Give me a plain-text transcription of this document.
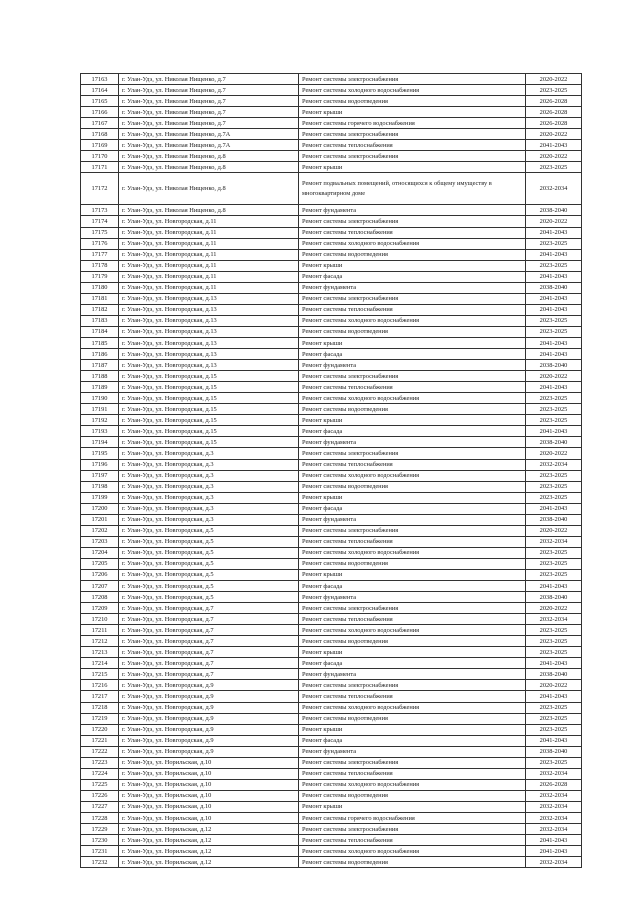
17163	г. Улан-Удэ, ул. Николая Нищенко, д.7	Ремонт системы электроснабжения	2020-2022
17164	г. Улан-Удэ, ул. Николая Нищенко, д.7	Ремонт системы холодного водоснабжения	2023-2025
17165	г. Улан-Удэ, ул. Николая Нищенко, д.7	Ремонт системы водоотведения	2026-2028
17166	г. Улан-Удэ, ул. Николая Нищенко, д.7	Ремонт крыши	2026-2028
17167	г. Улан-Удэ, ул. Николая Нищенко, д.7	Ремонт системы горячего водоснабжения	2026-2028
17168	г. Улан-Удэ, ул. Николая Нищенко, д.7А	Ремонт системы электроснабжения	2020-2022
17169	г. Улан-Удэ, ул. Николая Нищенко, д.7А	Ремонт системы теплоснабжения	2041-2043
17170	г. Улан-Удэ, ул. Николая Нищенко, д.8	Ремонт системы электроснабжения	2020-2022
17171	г. Улан-Удэ, ул. Николая Нищенко, д.8	Ремонт крыши	2023-2025
17172	г. Улан-Удэ, ул. Николая Нищенко, д.8	Ремонт подвальных помещений, относящихся к общему имуществу в многоквартирном доме	2032-2034
17173	г. Улан-Удэ, ул. Николая Нищенко, д.8	Ремонт фундамента	2038-2040
17174	г. Улан-Удэ, ул. Новгородская, д.11	Ремонт системы электроснабжения	2020-2022
17175	г. Улан-Удэ, ул. Новгородская, д.11	Ремонт системы теплоснабжения	2041-2043
17176	г. Улан-Удэ, ул. Новгородская, д.11	Ремонт системы холодного водоснабжения	2023-2025
17177	г. Улан-Удэ, ул. Новгородская, д.11	Ремонт системы водоотведения	2041-2043
17178	г. Улан-Удэ, ул. Новгородская, д.11	Ремонт крыши	2023-2025
17179	г. Улан-Удэ, ул. Новгородская, д.11	Ремонт фасада	2041-2043
17180	г. Улан-Удэ, ул. Новгородская, д.11	Ремонт фундамента	2038-2040
17181	г. Улан-Удэ, ул. Новгородская, д.13	Ремонт системы электроснабжения	2041-2043
17182	г. Улан-Удэ, ул. Новгородская, д.13	Ремонт системы теплоснабжения	2041-2043
17183	г. Улан-Удэ, ул. Новгородская, д.13	Ремонт системы холодного водоснабжения	2023-2025
17184	г. Улан-Удэ, ул. Новгородская, д.13	Ремонт системы водоотведения	2023-2025
17185	г. Улан-Удэ, ул. Новгородская, д.13	Ремонт крыши	2041-2043
17186	г. Улан-Удэ, ул. Новгородская, д.13	Ремонт фасада	2041-2043
17187	г. Улан-Удэ, ул. Новгородская, д.13	Ремонт фундамента	2038-2040
17188	г. Улан-Удэ, ул. Новгородская, д.15	Ремонт системы электроснабжения	2020-2022
17189	г. Улан-Удэ, ул. Новгородская, д.15	Ремонт системы теплоснабжения	2041-2043
17190	г. Улан-Удэ, ул. Новгородская, д.15	Ремонт системы холодного водоснабжения	2023-2025
17191	г. Улан-Удэ, ул. Новгородская, д.15	Ремонт системы водоотведения	2023-2025
17192	г. Улан-Удэ, ул. Новгородская, д.15	Ремонт крыши	2023-2025
17193	г. Улан-Удэ, ул. Новгородская, д.15	Ремонт фасада	2041-2043
17194	г. Улан-Удэ, ул. Новгородская, д.15	Ремонт фундамента	2038-2040
17195	г. Улан-Удэ, ул. Новгородская, д.3	Ремонт системы электроснабжения	2020-2022
17196	г. Улан-Удэ, ул. Новгородская, д.3	Ремонт системы теплоснабжения	2032-2034
17197	г. Улан-Удэ, ул. Новгородская, д.3	Ремонт системы холодного водоснабжения	2023-2025
17198	г. Улан-Удэ, ул. Новгородская, д.3	Ремонт системы водоотведения	2023-2025
17199	г. Улан-Удэ, ул. Новгородская, д.3	Ремонт крыши	2023-2025
17200	г. Улан-Удэ, ул. Новгородская, д.3	Ремонт фасада	2041-2043
17201	г. Улан-Удэ, ул. Новгородская, д.3	Ремонт фундамента	2038-2040
17202	г. Улан-Удэ, ул. Новгородская, д.5	Ремонт системы электроснабжения	2020-2022
17203	г. Улан-Удэ, ул. Новгородская, д.5	Ремонт системы теплоснабжения	2032-2034
17204	г. Улан-Удэ, ул. Новгородская, д.5	Ремонт системы холодного водоснабжения	2023-2025
17205	г. Улан-Удэ, ул. Новгородская, д.5	Ремонт системы водоотведения	2023-2025
17206	г. Улан-Удэ, ул. Новгородская, д.5	Ремонт крыши	2023-2025
17207	г. Улан-Удэ, ул. Новгородская, д.5	Ремонт фасада	2041-2043
17208	г. Улан-Удэ, ул. Новгородская, д.5	Ремонт фундамента	2038-2040
17209	г. Улан-Удэ, ул. Новгородская, д.7	Ремонт системы электроснабжения	2020-2022
17210	г. Улан-Удэ, ул. Новгородская, д.7	Ремонт системы теплоснабжения	2032-2034
17211	г. Улан-Удэ, ул. Новгородская, д.7	Ремонт системы холодного водоснабжения	2023-2025
17212	г. Улан-Удэ, ул. Новгородская, д.7	Ремонт системы водоотведения	2023-2025
17213	г. Улан-Удэ, ул. Новгородская, д.7	Ремонт крыши	2023-2025
17214	г. Улан-Удэ, ул. Новгородская, д.7	Ремонт фасада	2041-2043
17215	г. Улан-Удэ, ул. Новгородская, д.7	Ремонт фундамента	2038-2040
17216	г. Улан-Удэ, ул. Новгородская, д.9	Ремонт системы электроснабжения	2020-2022
17217	г. Улан-Удэ, ул. Новгородская, д.9	Ремонт системы теплоснабжения	2041-2043
17218	г. Улан-Удэ, ул. Новгородская, д.9	Ремонт системы холодного водоснабжения	2023-2025
17219	г. Улан-Удэ, ул. Новгородская, д.9	Ремонт системы водоотведения	2023-2025
17220	г. Улан-Удэ, ул. Новгородская, д.9	Ремонт крыши	2023-2025
17221	г. Улан-Удэ, ул. Новгородская, д.9	Ремонт фасада	2041-2043
17222	г. Улан-Удэ, ул. Новгородская, д.9	Ремонт фундамента	2038-2040
17223	г. Улан-Удэ, ул. Норильская, д.10	Ремонт системы электроснабжения	2023-2025
17224	г. Улан-Удэ, ул. Норильская, д.10	Ремонт системы теплоснабжения	2032-2034
17225	г. Улан-Удэ, ул. Норильская, д.10	Ремонт системы холодного водоснабжения	2026-2028
17226	г. Улан-Удэ, ул. Норильская, д.10	Ремонт системы водоотведения	2032-2034
17227	г. Улан-Удэ, ул. Норильская, д.10	Ремонт крыши	2032-2034
17228	г. Улан-Удэ, ул. Норильская, д.10	Ремонт системы горячего водоснабжения	2032-2034
17229	г. Улан-Удэ, ул. Норильская, д.12	Ремонт системы электроснабжения	2032-2034
17230	г. Улан-Удэ, ул. Норильская, д.12	Ремонт системы теплоснабжения	2041-2043
17231	г. Улан-Удэ, ул. Норильская, д.12	Ремонт системы холодного водоснабжения	2041-2043
17232	г. Улан-Удэ, ул. Норильская, д.12	Ремонт системы водоотведения	2032-2034
